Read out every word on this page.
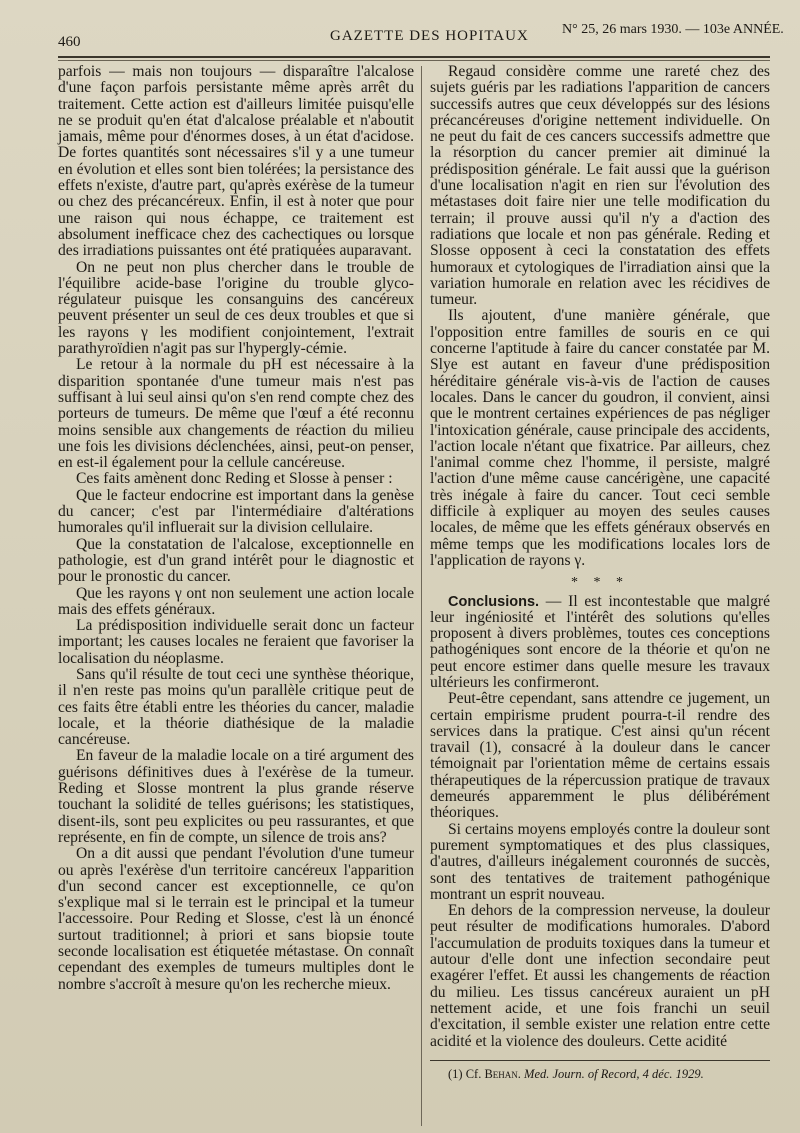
460	GAZETTE DES HOPITAUX N° 25, 26 mars 1930. — 103e ANNÉE.

parfois — mais non toujours — disparaître l'alcalose d'une façon parfois persistante même après arrêt du traitement. Cette action est d'ailleurs limitée puisqu'elle ne se produit qu'en état d'alcalose préalable et n'aboutit jamais, même pour d'énormes doses, à un état d'acidose. De fortes quantités sont nécessaires s'il y a une tumeur en évolution et elles sont bien tolérées; la persistance des effets n'existe, d'autre part, qu'après exérèse de la tumeur ou chez des précancéreux. Enfin, il est à noter que pour une raison qui nous échappe, ce traitement est absolument inefficace chez des cachectiques ou lorsque des irradiations puissantes ont été pratiquées auparavant.

On ne peut non plus chercher dans le trouble de l'équilibre acide-base l'origine du trouble glyco-régulateur puisque les consanguins des cancéreux peuvent présenter un seul de ces deux troubles et que si les rayons γ les modifient conjointement, l'extrait parathyroïdien n'agit pas sur l'hypergly-cémie.

Le retour à la normale du pH est nécessaire à la disparition spontanée d'une tumeur mais n'est pas suffisant à lui seul ainsi qu'on s'en rend compte chez des porteurs de tumeurs. De même que l'œuf a été reconnu moins sensible aux changements de réaction du milieu une fois les divisions déclenchées, ainsi, peut-on penser, en est-il également pour la cellule cancéreuse.

Ces faits amènent donc Reding et Slosse à penser :

Que le facteur endocrine est important dans la genèse du cancer; c'est par l'intermédiaire d'altérations humorales qu'il influerait sur la division cellulaire.

Que la constatation de l'alcalose, exceptionnelle en pathologie, est d'un grand intérêt pour le diagnostic et pour le pronostic du cancer.

Que les rayons γ ont non seulement une action locale mais des effets généraux.

La prédisposition individuelle serait donc un facteur important; les causes locales ne feraient que favoriser la localisation du néoplasme.

Sans qu'il résulte de tout ceci une synthèse théorique, il n'en reste pas moins qu'un parallèle critique peut de ces faits être établi entre les théories du cancer, maladie locale, et la théorie diathésique de la maladie cancéreuse.

En faveur de la maladie locale on a tiré argument des guérisons définitives dues à l'exérèse de la tumeur. Reding et Slosse montrent la plus grande réserve touchant la solidité de telles guérisons; les statistiques, disent-ils, sont peu explicites ou peu rassurantes, et que représente, en fin de compte, un silence de trois ans?

On a dit aussi que pendant l'évolution d'une tumeur ou après l'exérèse d'un territoire cancéreux l'apparition d'un second cancer est exceptionnelle, ce qu'on s'explique mal si le terrain est le principal et la tumeur l'accessoire. Pour Reding et Slosse, c'est là un énoncé surtout traditionnel; à priori et sans biopsie toute seconde localisation est étiquetée métastase. On connaît cependant des exemples de tumeurs multiples dont le nombre s'accroît à mesure qu'on les recherche mieux.

Regaud considère comme une rareté chez des sujets guéris par les radiations l'apparition de cancers successifs autres que ceux développés sur des lésions précancéreuses d'origine nettement individuelle. On ne peut du fait de ces cancers successifs admettre que la résorption du cancer premier ait diminué la prédisposition générale. Le fait aussi que la guérison d'une localisation n'agit en rien sur l'évolution des métastases doit faire nier une telle modification du terrain; il prouve aussi qu'il n'y a d'action des radiations que locale et non pas générale. Reding et Slosse opposent à ceci la constatation des effets humoraux et cytologiques de l'irradiation ainsi que la variation humorale en relation avec les récidives de tumeur.

Ils ajoutent, d'une manière générale, que l'opposition entre familles de souris en ce qui concerne l'aptitude à faire du cancer constatée par M. Slye est autant en faveur d'une prédisposition héréditaire générale vis-à-vis de l'action de causes locales. Dans le cancer du goudron, il convient, ainsi que le montrent certaines expériences de pas négliger l'intoxication générale, cause principale des accidents, l'action locale n'étant que fixatrice. Par ailleurs, chez l'animal comme chez l'homme, il persiste, malgré l'action d'une même cause cancérigène, une capacité très inégale à faire du cancer. Tout ceci semble difficile à expliquer au moyen des seules causes locales, de même que les effets généraux observés en même temps que les modifications locales lors de l'application de rayons γ.

* * *

Conclusions. — Il est incontestable que malgré leur ingéniosité et l'intérêt des solutions qu'elles proposent à divers problèmes, toutes ces conceptions pathogéniques sont encore de la théorie et qu'on ne peut encore estimer dans quelle mesure les travaux ultérieurs les confirmeront.

Peut-être cependant, sans attendre ce jugement, un certain empirisme prudent pourra-t-il rendre des services dans la pratique. C'est ainsi qu'un récent travail (1), consacré à la douleur dans le cancer témoignait par l'orientation même de certains essais thérapeutiques de la répercussion pratique de travaux demeurés apparemment le plus délibérément théoriques.

Si certains moyens employés contre la douleur sont purement symptomatiques et des plus classiques, d'autres, d'ailleurs inégalement couronnés de succès, sont des tentatives de traitement pathogénique montrant un esprit nouveau.

En dehors de la compression nerveuse, la douleur peut résulter de modifications humorales. D'abord l'accumulation de produits toxiques dans la tumeur et autour d'elle dont une infection secondaire peut exagérer l'effet. Et aussi les changements de réaction du milieu. Les tissus cancéreux auraient un pH nettement acide, et une fois franchi un seuil d'excitation, il semble exister une relation entre cette acidité et la violence des douleurs. Cette acidité

(1) Cf. Behan. Med. Journ. of Record, 4 déc. 1929.
